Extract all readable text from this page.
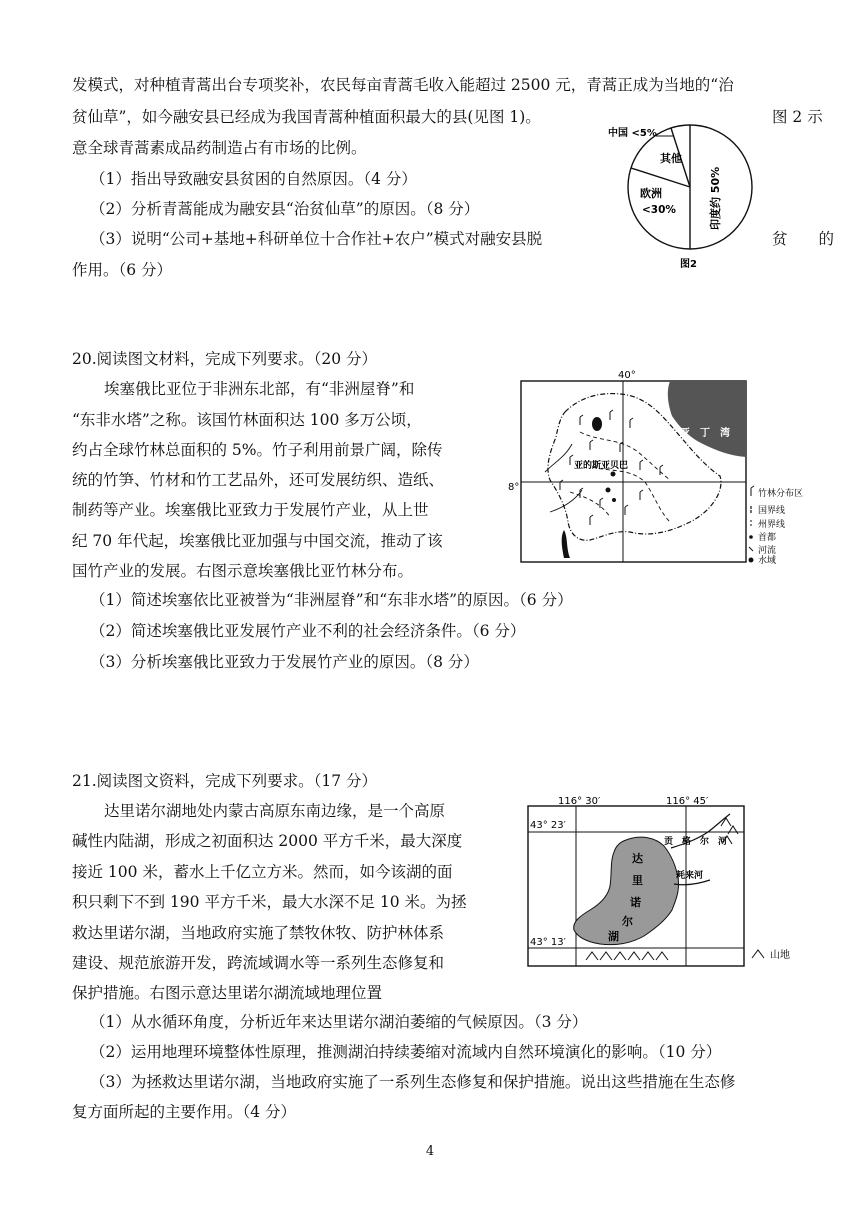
发模式，对种植青蒿出台专项奖补，农民每亩青蒿毛收入能超过 2500 元，青蒿正成为当地的“治
贫仙草”，如今融安县已经成为我国青蒿种植面积最大的县(见图 1)。	图 2 示
意全球青蒿素成品药制造占有市场的比例。
（1）指出导致融安县贫困的自然原因。（4 分）
（2）分析青蒿能成为融安县“治贫仙草”的原因。（8 分）
（3）说明“公司+基地+科研单位十合作社+农户”模式对融安县脱	贫　　的
作用。（6 分）
中国 <5%
其他
欧洲
<30%	印度约 50%
图2
20.阅读图文材料，完成下列要求。（20 分）
埃塞俄比亚位于非洲东北部，有“非洲屋脊”和
“东非水塔”之称。该国竹林面积达 100 多万公顷，
约占全球竹林总面积的 5%。竹子利用前景广阔，除传
统的竹笋、竹材和竹工艺品外，还可发展纺织、造纸、
制药等产业。埃塞俄比亚致力于发展竹产业，从上世
纪 70 年代起，埃塞俄比亚加强与中国交流，推动了该
国竹产业的发展。右图示意埃塞俄比亚竹林分布。
（1）简述埃塞依比亚被誉为“非洲屋脊”和“东非水塔”的原因。（6 分）
（2）简述埃塞俄比亚发展竹产业不利的社会经济条件。（6 分）
（3）分析埃塞俄比亚致力于发展竹产业的原因。（8 分）
40°
8°
亚　丁　湾
亚的斯亚贝巴
竹林分布区
国界线
州界线
首都
河流
水域
21.阅读图文资料，完成下列要求。（17 分）
达里诺尔湖地处内蒙古高原东南边缘，是一个高原
碱性内陆湖，形成之初面积达 2000 平方千米，最大深度
接近 100 米，蓄水上千亿立方米。然而，如今该湖的面
积只剩下不到 190 平方千米，最大水深不足 10 米。为拯
救达里诺尔湖，当地政府实施了禁牧休牧、防护林体系
建设、规范旅游开发，跨流域调水等一系列生态修复和
保护措施。右图示意达里诺尔湖流域地理位置
（1）从水循环角度，分析近年来达里诺尔湖泊萎缩的气候原因。（3 分）
（2）运用地理环境整体性原理，推测湖泊持续萎缩对流域内自然环境演化的影响。（10 分）
（3）为拯救达里诺尔湖，当地政府实施了一系列生态修复和保护措施。说出这些措施在生态修
复方面所起的主要作用。（4 分）
116° 30′	116° 45′
43° 23′
43° 13′
贡　格　尔　河
耗来河
达
里
诺
尔
湖
山地
4
